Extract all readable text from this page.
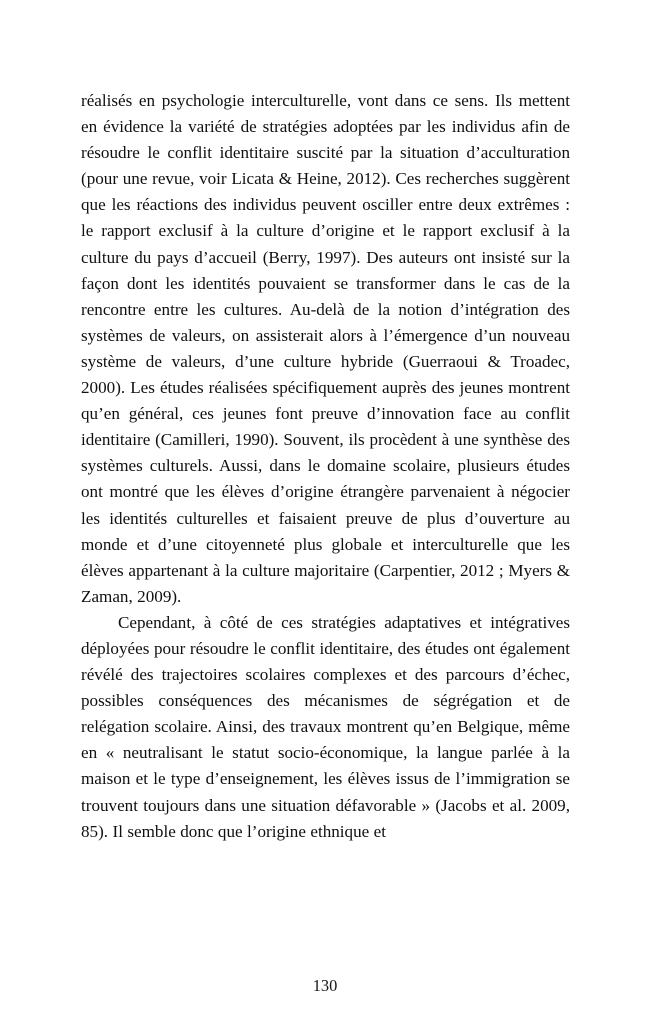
réalisés en psychologie interculturelle, vont dans ce sens. Ils mettent en évidence la variété de stratégies adoptées par les individus afin de résoudre le conflit identitaire suscité par la situation d’acculturation (pour une revue, voir Licata & Heine, 2012). Ces recherches suggèrent que les réactions des individus peuvent osciller entre deux extrêmes : le rapport exclusif à la culture d’origine et le rapport exclusif à la culture du pays d’accueil (Berry, 1997). Des auteurs ont insisté sur la façon dont les identités pouvaient se transformer dans le cas de la rencontre entre les cultures. Au-delà de la notion d’intégration des systèmes de valeurs, on assisterait alors à l’émergence d’un nouveau système de valeurs, d’une culture hybride (Guerraoui & Troadec, 2000). Les études réalisées spécifiquement auprès des jeunes montrent qu’en général, ces jeunes font preuve d’innovation face au conflit identitaire (Camilleri, 1990). Souvent, ils procèdent à une synthèse des systèmes culturels. Aussi, dans le domaine scolaire, plusieurs études ont montré que les élèves d’origine étrangère parvenaient à négocier les identités culturelles et faisaient preuve de plus d’ouverture au monde et d’une citoyenneté plus globale et interculturelle que les élèves appartenant à la culture majoritaire (Carpentier, 2012 ; Myers & Zaman, 2009).

Cependant, à côté de ces stratégies adaptatives et intégratives déployées pour résoudre le conflit identitaire, des études ont également révélé des trajectoires scolaires complexes et des parcours d’échec, possibles conséquences des mécanismes de ségrégation et de relégation scolaire. Ainsi, des travaux montrent qu’en Belgique, même en « neutralisant le statut socio-économique, la langue parlée à la maison et le type d’enseignement, les élèves issus de l’immigration se trouvent toujours dans une situation défavorable » (Jacobs et al. 2009, 85). Il semble donc que l’origine ethnique et

130
